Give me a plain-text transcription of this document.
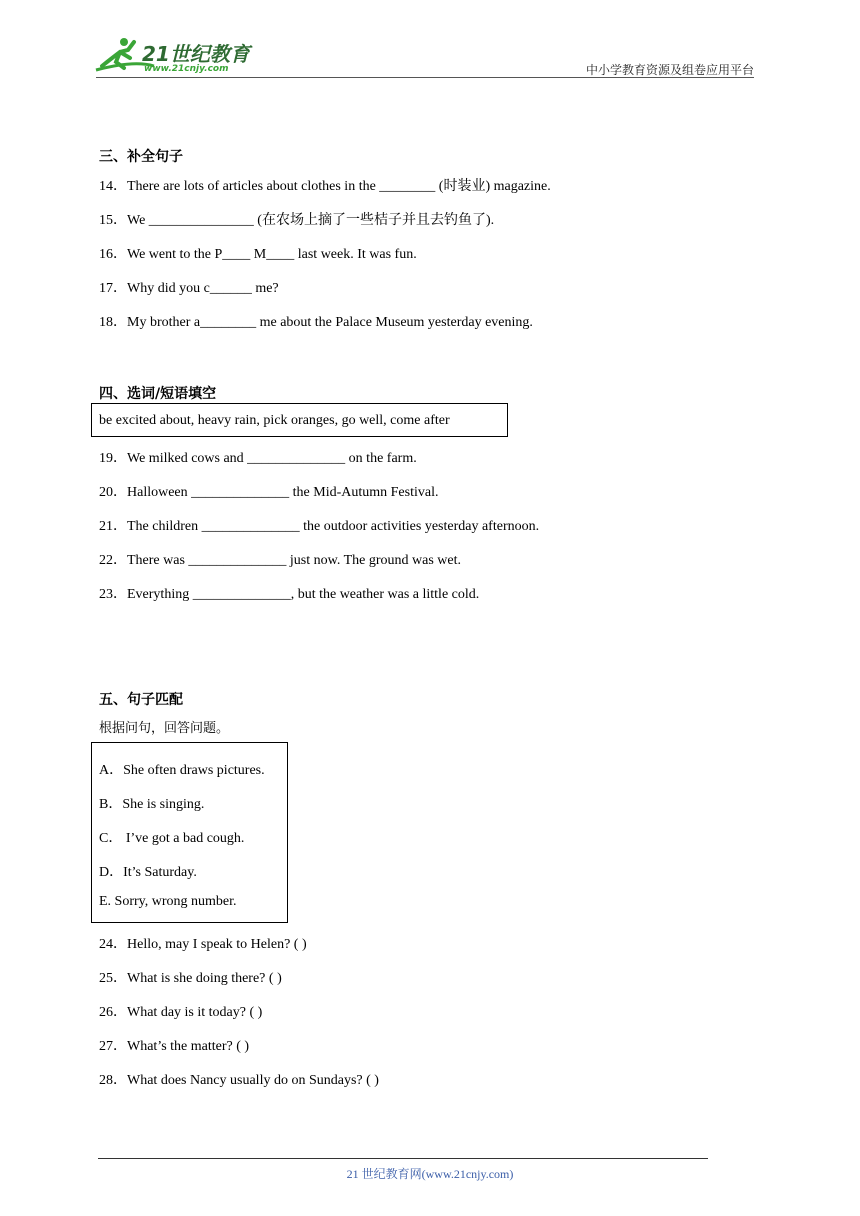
21世纪教育
www.21cnjy.com	中小学教育资源及组卷应用平台
三、补全句子
14．There are lots of articles about clothes in the ________ (时装业) magazine.
15．We _______________ (在农场上摘了一些桔子并且去钓鱼了).
16．We went to the P____ M____ last week. It was fun.
17．Why did you c______ me?
18．My brother a________ me about the Palace Museum yesterday evening.
四、选词/短语填空
be excited about, heavy rain, pick oranges, go well, come after
19．We milked cows and ______________ on the farm.
20．Halloween ______________ the Mid-Autumn Festival.
21．The children ______________ the outdoor activities yesterday afternoon.
22．There was ______________ just now. The ground was wet.
23．Everything ______________, but the weather was a little cold.
五、句子匹配
根据问句，回答问题。
A．She often draws pictures.
B．She is singing.
C． I’ve got a bad cough.
D．It’s Saturday.
E. Sorry, wrong number.
24．Hello, may I speak to Helen? ( )
25．What is she doing there? ( )
26．What day is it today? ( )
27．What’s the matter? ( )
28．What does Nancy usually do on Sundays? ( )
21 世纪教育网(www.21cnjy.com)
